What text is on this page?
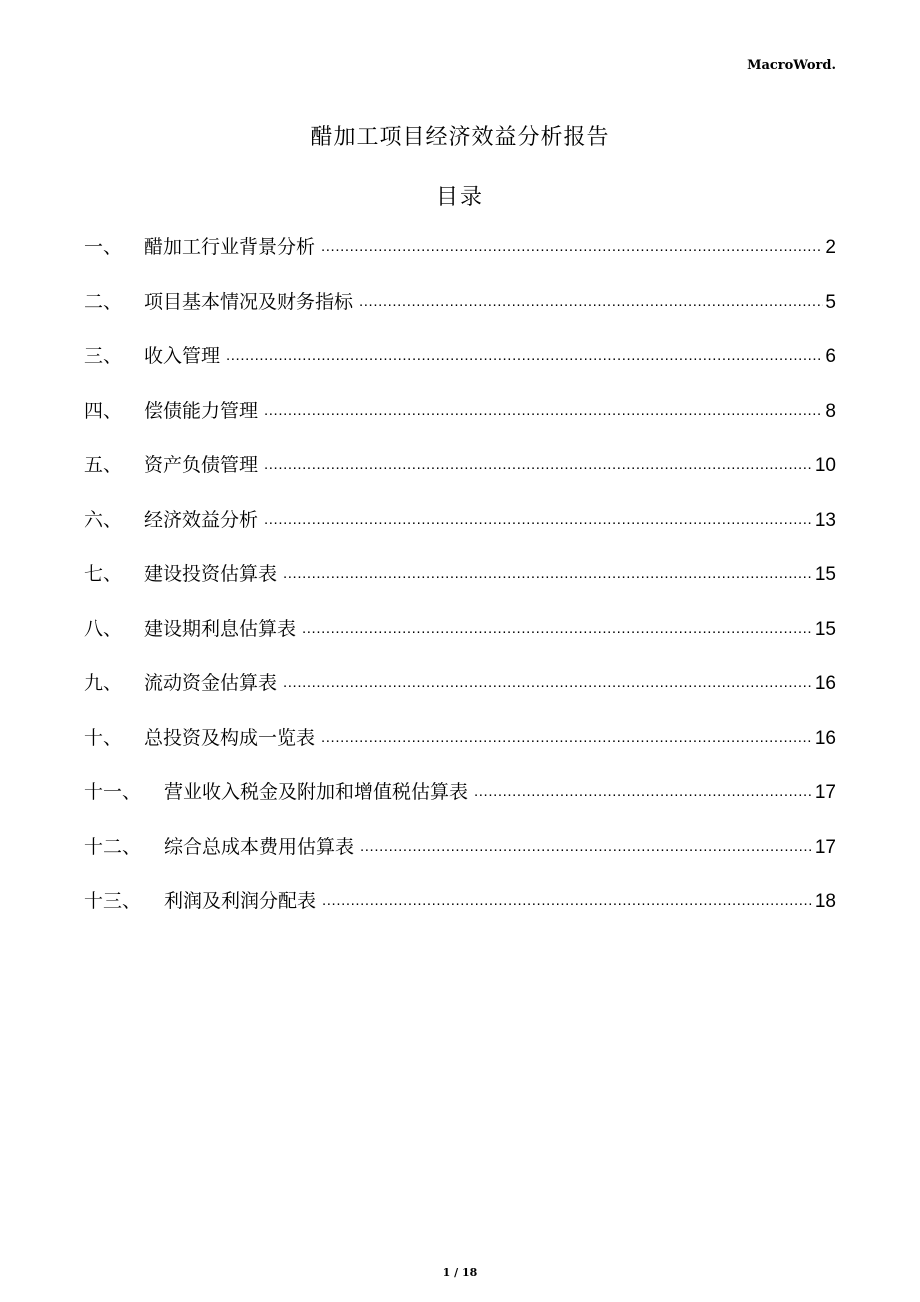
MacroWord.
醋加工项目经济效益分析报告
目录
一、	醋加工行业背景分析 .....	2
二、	项目基本情况及财务指标 .....	5
三、	收入管理 .....	6
四、	偿债能力管理 .....	8
五、	资产负债管理 .....	10
六、	经济效益分析 .....	13
七、	建设投资估算表 .....	15
八、	建设期利息估算表 .....	15
九、	流动资金估算表 .....	16
十、	总投资及构成一览表 .....	16
十一、	营业收入税金及附加和增值税估算表 .....	17
十二、	综合总成本费用估算表 .....	17
十三、	利润及利润分配表 .....	18
1 / 18
